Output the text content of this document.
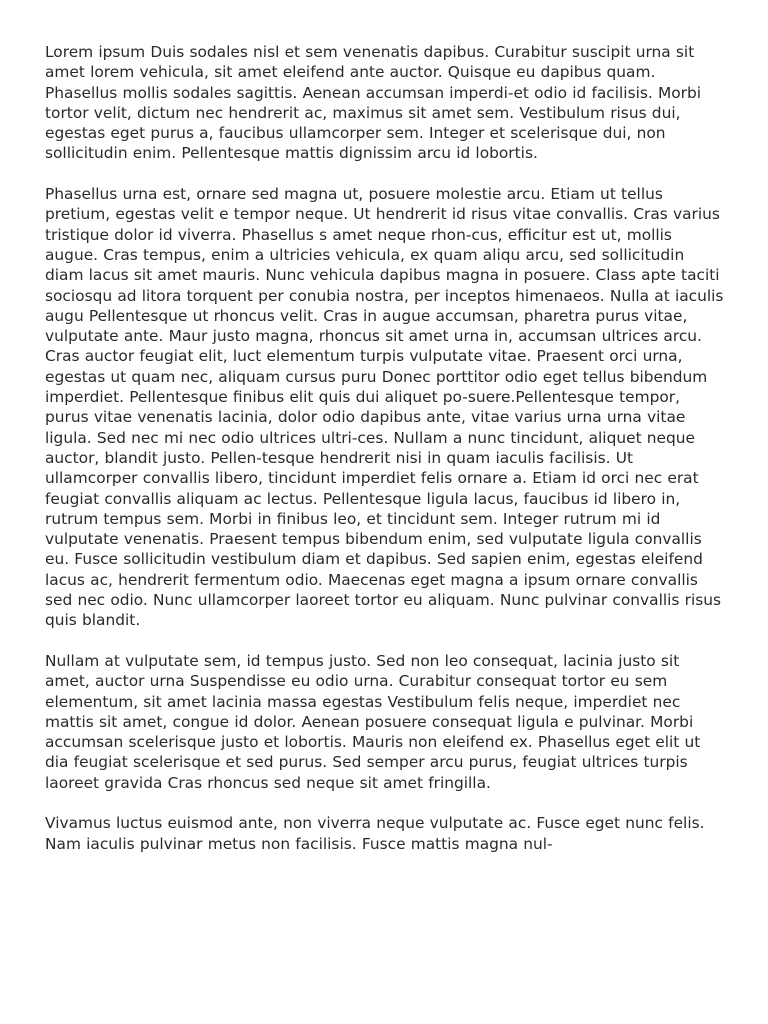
Lorem ipsum Duis sodales nisl et sem venenatis dapibus. Curabitur suscipit urna sit amet lorem vehicula, sit amet eleifend ante auctor. Quisque eu dapibus quam. Phasellus mollis sodales sagittis. Aenean accumsan imperdi-et odio id facilisis. Morbi tortor velit, dictum nec hendrerit ac, maximus sit amet sem. Vestibulum risus dui, egestas eget purus a, faucibus ullamcorper sem. Integer et scelerisque dui, non sollicitudin enim. Pellentesque mattis dignissim arcu id lobortis.

Phasellus urna est, ornare sed magna ut, posuere molestie arcu. Etiam ut tellus pretium, egestas velit e tempor neque. Ut hendrerit id risus vitae convallis. Cras varius tristique dolor id viverra. Phasellus s amet neque rhon-cus, efficitur est ut, mollis augue. Cras tempus, enim a ultricies vehicula, ex quam aliqu arcu, sed sollicitudin diam lacus sit amet mauris. Nunc vehicula dapibus magna in posuere. Class apte taciti sociosqu ad litora torquent per conubia nostra, per inceptos himenaeos. Nulla at iaculis augu Pellentesque ut rhoncus velit. Cras in augue accumsan, pharetra purus vitae, vulputate ante. Maur justo magna, rhoncus sit amet urna in, accumsan ultrices arcu. Cras auctor feugiat elit, luct elementum turpis vulputate vitae. Praesent orci urna, egestas ut quam nec, aliquam cursus puru Donec porttitor odio eget tellus bibendum imperdiet. Pellentesque finibus elit quis dui aliquet po-suere.Pellentesque tempor, purus vitae venenatis lacinia, dolor odio dapibus ante, vitae varius urna urna vitae ligula. Sed nec mi nec odio ultrices ultri-ces. Nullam a nunc tincidunt, aliquet neque auctor, blandit justo. Pellen-tesque hendrerit nisi in quam iaculis facilisis. Ut ullamcorper convallis libero, tincidunt imperdiet felis ornare a. Etiam id orci nec erat feugiat convallis aliquam ac lectus. Pellentesque ligula lacus, faucibus id libero in, rutrum tempus sem. Morbi in finibus leo, et tincidunt sem. Integer rutrum mi id vulputate venenatis. Praesent tempus bibendum enim, sed vulputate ligula convallis eu. Fusce sollicitudin vestibulum diam et dapibus. Sed sapien enim, egestas eleifend lacus ac, hendrerit fermentum odio. Maecenas eget magna a ipsum ornare convallis sed nec odio. Nunc ullamcorper laoreet tortor eu aliquam. Nunc pulvinar convallis risus quis blandit.

Nullam at vulputate sem, id tempus justo. Sed non leo consequat, lacinia justo sit amet, auctor urna Suspendisse eu odio urna. Curabitur consequat tortor eu sem elementum, sit amet lacinia massa egestas Vestibulum felis neque, imperdiet nec mattis sit amet, congue id dolor. Aenean posuere consequat ligula e pulvinar. Morbi accumsan scelerisque justo et lobortis. Mauris non eleifend ex. Phasellus eget elit ut dia feugiat scelerisque et sed purus. Sed semper arcu purus, feugiat ultrices turpis laoreet gravida Cras rhoncus sed neque sit amet fringilla.

Vivamus luctus euismod ante, non viverra neque vulputate ac. Fusce eget nunc felis. Nam iaculis pulvinar metus non facilisis. Fusce mattis magna nul-
